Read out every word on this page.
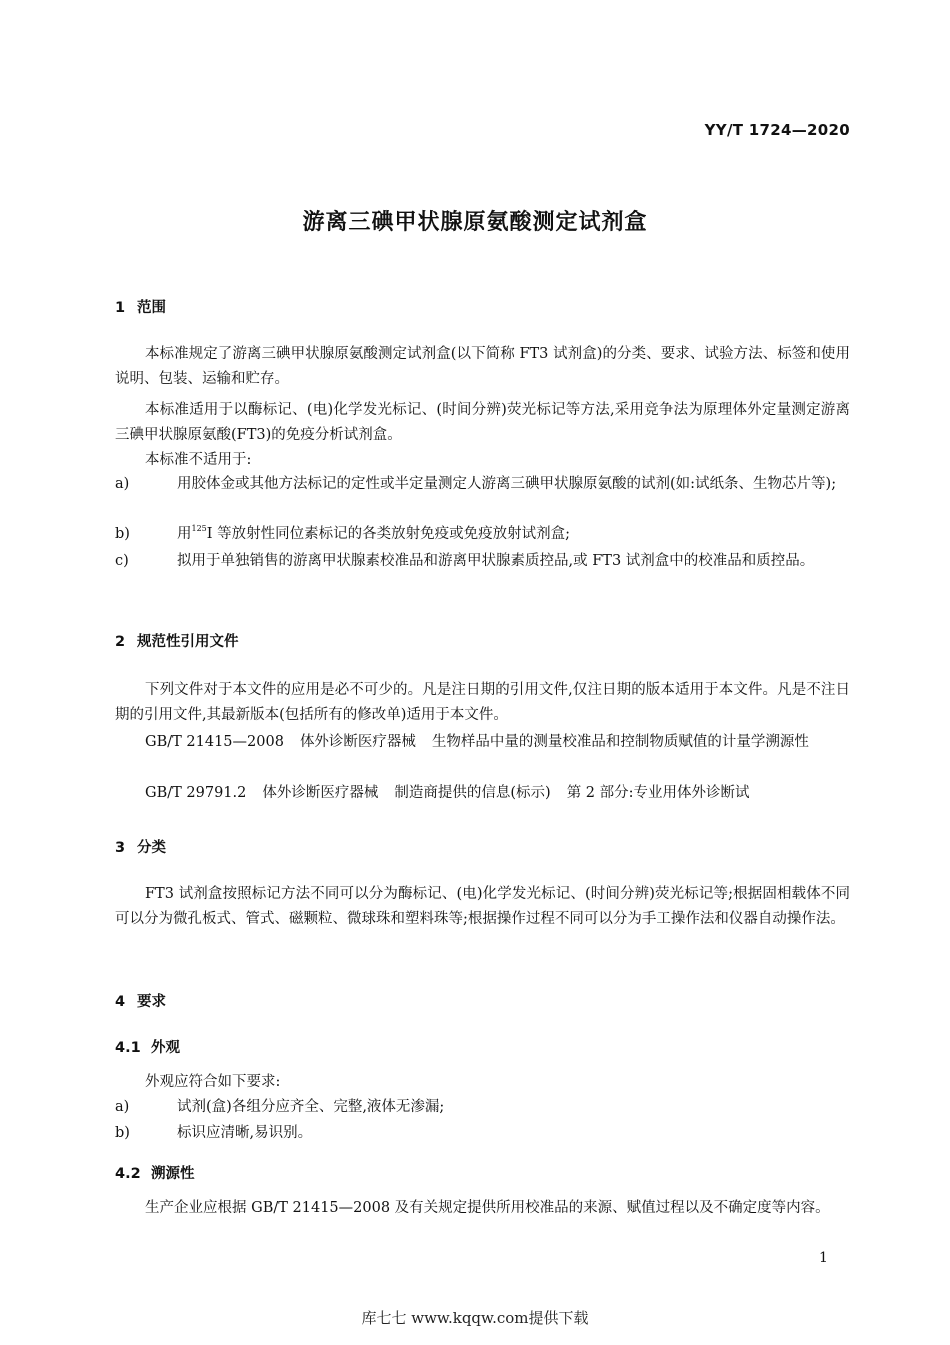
YY/T 1724—2020
游离三碘甲状腺原氨酸测定试剂盒
1 范围
本标准规定了游离三碘甲状腺原氨酸测定试剂盒(以下简称 FT3 试剂盒)的分类、要求、试验方法、标签和使用说明、包装、运输和贮存。
本标准适用于以酶标记、(电)化学发光标记、(时间分辨)荧光标记等方法,采用竞争法为原理体外定量测定游离三碘甲状腺原氨酸(FT3)的免疫分析试剂盒。
本标准不适用于:
a)	用胶体金或其他方法标记的定性或半定量测定人游离三碘甲状腺原氨酸的试剂(如:试纸条、生物芯片等);
b)	用$^{125}$I 等放射性同位素标记的各类放射免疫或免疫放射试剂盒;
c)	拟用于单独销售的游离甲状腺素校准品和游离甲状腺素质控品,或 FT3 试剂盒中的校准品和质控品。
2 规范性引用文件
下列文件对于本文件的应用是必不可少的。凡是注日期的引用文件,仅注日期的版本适用于本文件。凡是不注日期的引用文件,其最新版本(包括所有的修改单)适用于本文件。
GB/T 21415—2008 体外诊断医疗器械 生物样品中量的测量校准品和控制物质赋值的计量学溯源性
GB/T 29791.2 体外诊断医疗器械 制造商提供的信息(标示) 第 2 部分:专业用体外诊断试
3 分类
FT3 试剂盒按照标记方法不同可以分为酶标记、(电)化学发光标记、(时间分辨)荧光标记等;根据固相载体不同可以分为微孔板式、管式、磁颗粒、微球珠和塑料珠等;根据操作过程不同可以分为手工操作法和仪器自动操作法。
4 要求
4.1 外观
外观应符合如下要求:
a)	试剂(盒)各组分应齐全、完整,液体无渗漏;
b)	标识应清晰,易识别。
4.2 溯源性
生产企业应根据 GB/T 21415—2008 及有关规定提供所用校准品的来源、赋值过程以及不确定度等内容。
1
库七七 www.kqqw.com提供下载
